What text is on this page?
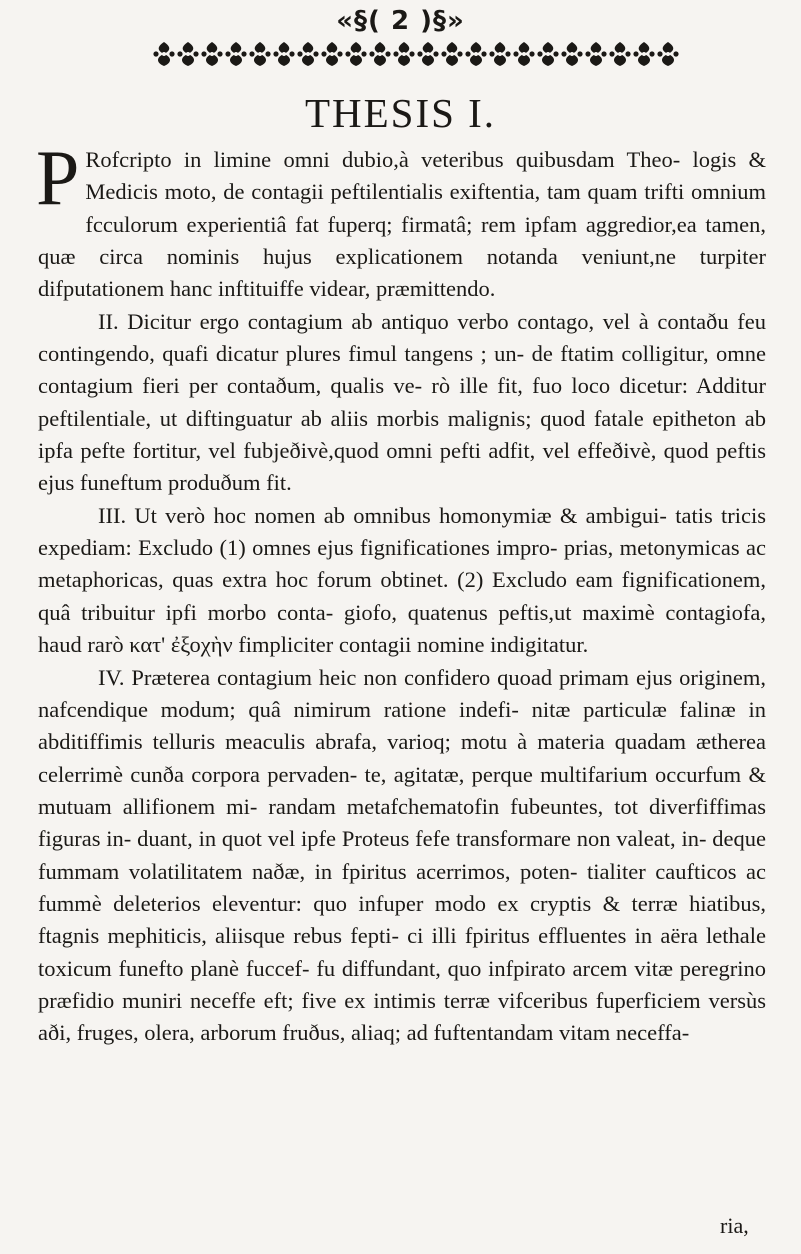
«§( 2 )§»
THESIS I.

P Rofcripto in limine omni dubio,à veteribus quibusdam Theo- logis & Medicis moto, de contagii peftilentialis exiftentia, tam quam trifti omnium fcculorum experientiâ fat fuperq; firmatâ; rem ipfam aggredior,ea tamen, quæ circa nominis hujus explicationem notanda veniunt,ne turpiter difputationem hanc inftituiffe videar, præmittendo.

II. Dicitur ergo contagium ab antiquo verbo contago, vel à contaðu feu contingendo, quafi dicatur plures fimul tangens ; un- de ftatim colligitur, omne contagium fieri per contaðum, qualis ve- rò ille fit, fuo loco dicetur: Additur peftilentiale, ut diftinguatur ab aliis morbis malignis; quod fatale epitheton ab ipfa pefte fortitur, vel fubjeðivè,quod omni pefti adfit, vel effeðivè, quod peftis ejus funeftum produðum fit.

III. Ut verò hoc nomen ab omnibus homonymiæ & ambigui- tatis tricis expediam: Excludo (1) omnes ejus fignificationes impro- prias, metonymicas ac metaphoricas, quas extra hoc forum obtinet. (2) Excludo eam fignificationem, quâ tribuitur ipfi morbo conta- giofo, quatenus peftis,ut maximè contagiofa, haud rarò κατ' ἐξοχὴν fimpliciter contagii nomine indigitatur.

IV. Præterea contagium heic non confidero quoad primam ejus originem, nafcendique modum; quâ nimirum ratione indefi- nitæ particulæ falinæ in abditiffimis telluris meaculis abrafa, varioq; motu à materia quadam ætherea celerrimè cunða corpora pervaden- te, agitatæ, perque multifarium occurfum & mutuam allifionem mi- randam metafchematofin fubeuntes, tot diverfiffimas figuras in- duant, in quot vel ipfe Proteus fefe transformare non valeat, in- deque fummam volatilitatem naðæ, in fpiritus acerrimos, poten- tialiter caufticos ac fummè deleterios eleventur: quo infuper modo ex cryptis & terræ hiatibus, ftagnis mephiticis, aliisque rebus fepti- ci illi fpiritus effluentes in aëra lethale toxicum funefto planè fuccef- fu diffundant, quo infpirato arcem vitæ peregrino præfidio muniri neceffe eft; five ex intimis terræ vifceribus fuperficiem versùs aði, fruges, olera, arborum fruðus, aliaq; ad fuftentandam vitam neceffa-

ria,
